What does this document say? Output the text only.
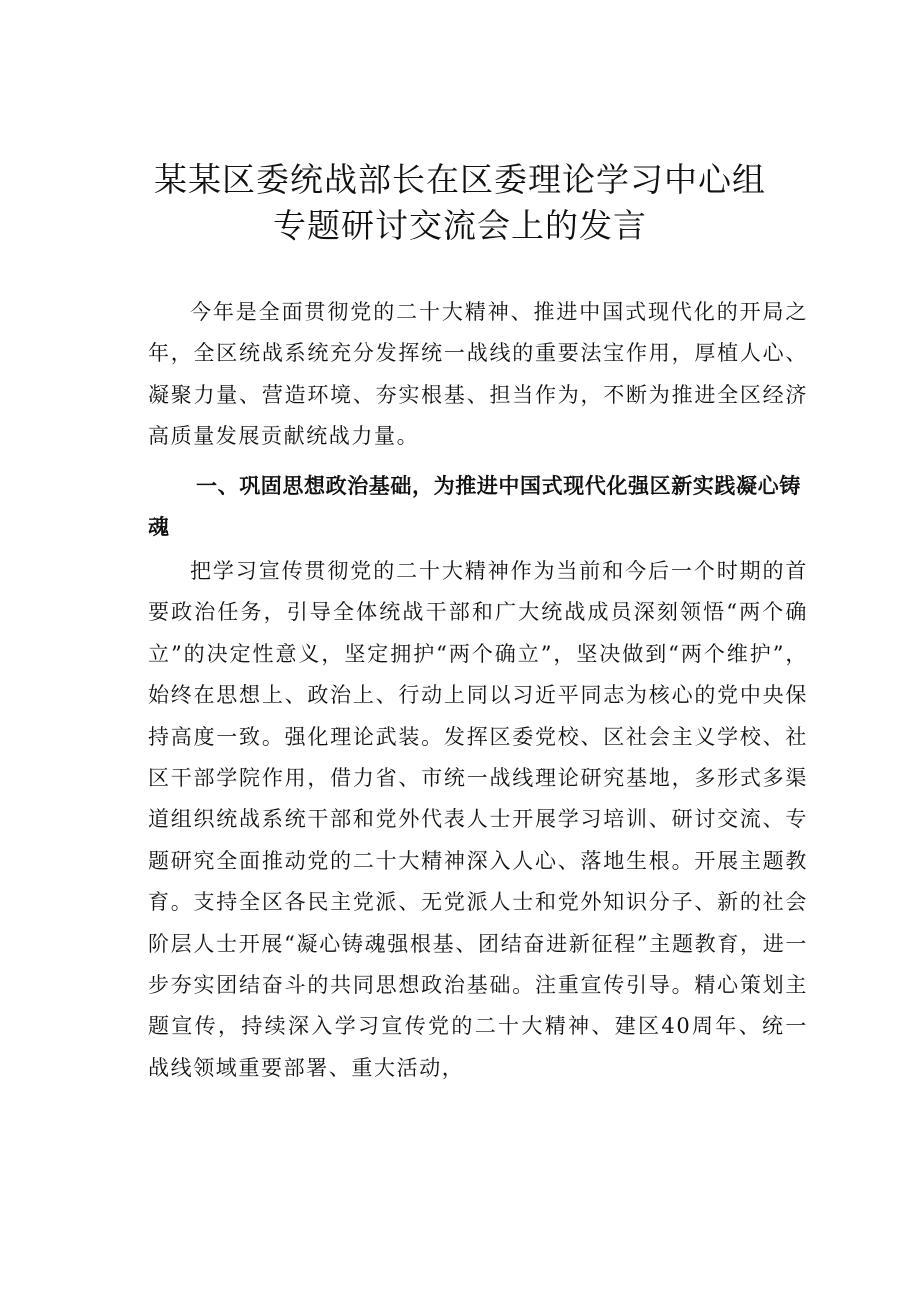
某某区委统战部长在区委理论学习中心组
专题研讨交流会上的发言
今年是全面贯彻党的二十大精神、推进中国式现代化的开局之年，全区统战系统充分发挥统一战线的重要法宝作用，厚植人心、凝聚力量、营造环境、夯实根基、担当作为，不断为推进全区经济高质量发展贡献统战力量。
一、巩固思想政治基础，为推进中国式现代化强区新实践凝心铸魂
把学习宣传贯彻党的二十大精神作为当前和今后一个时期的首要政治任务，引导全体统战干部和广大统战成员深刻领悟“两个确立”的决定性意义，坚定拥护“两个确立”，坚决做到“两个维护”，始终在思想上、政治上、行动上同以习近平同志为核心的党中央保持高度一致。强化理论武装。发挥区委党校、区社会主义学校、社区干部学院作用，借力省、市统一战线理论研究基地，多形式多渠道组织统战系统干部和党外代表人士开展学习培训、研讨交流、专题研究全面推动党的二十大精神深入人心、落地生根。开展主题教育。支持全区各民主党派、无党派人士和党外知识分子、新的社会阶层人士开展“凝心铸魂强根基、团结奋进新征程”主题教育，进一步夯实团结奋斗的共同思想政治基础。注重宣传引导。精心策划主题宣传，持续深入学习宣传党的二十大精神、建区40周年、统一战线领域重要部署、重大活动，
